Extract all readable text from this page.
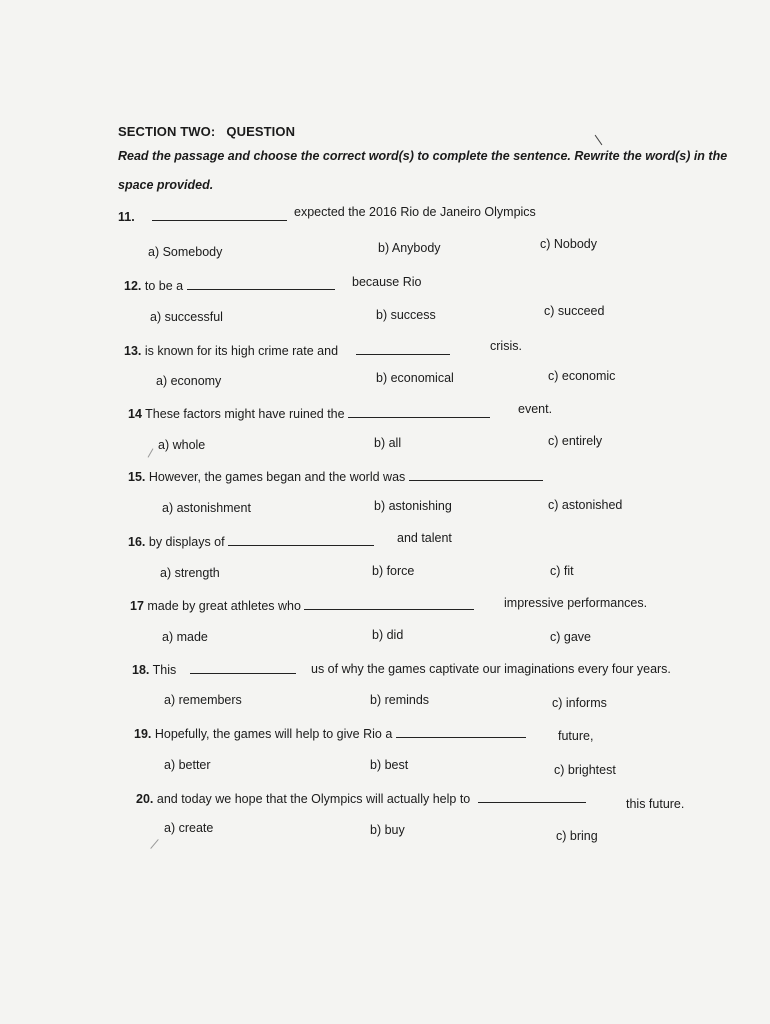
SECTION TWO: QUESTION
Read the passage and choose the correct word(s) to complete the sentence. Rewrite the word(s) in the
space provided.
11.	expected the 2016 Rio de Janeiro Olympics
a) Somebody	b) Anybody	c) Nobody
12. to be a	because Rio
a) successful	b) success	c) succeed
13. is known for its high crime rate and	crisis.
a) economy	b) economical	c) economic
14 These factors might have ruined the	event.
a) whole	b) all	c) entirely
15. However, the games began and the world was
a) astonishment	b) astonishing	c) astonished
16. by displays of	and talent
a) strength	b) force	c) fit
17 made by great athletes who	impressive performances.
a) made	b) did	c) gave
18. This	us of why the games captivate our imaginations every four years.
a) remembers	b) reminds	c) informs
19. Hopefully, the games will help to give Rio a	future,
a) better	b) best	c) brightest
20. and today we hope that the Olympics will actually help to	this future.
a) create	b) buy	c) bring
